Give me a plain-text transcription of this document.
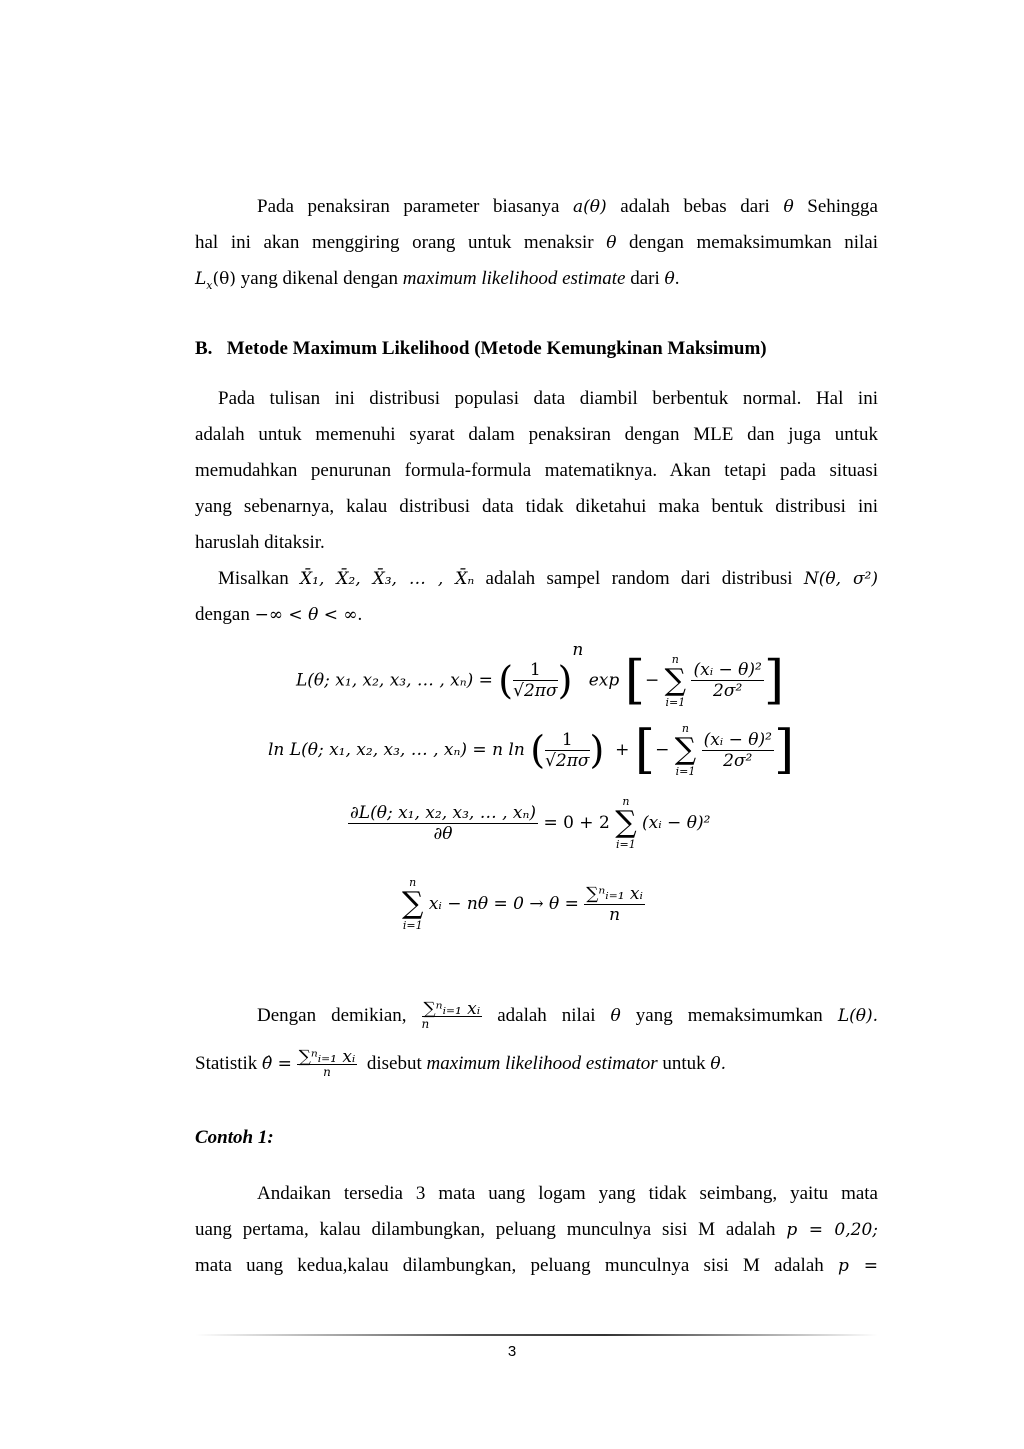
Pada penaksiran parameter biasanya a(θ) adalah bebas dari θ Sehingga
hal ini akan menggiring orang untuk menaksir θ dengan memaksimumkan nilai
$L_x(\theta)$ yang dikenal dengan maximum likelihood estimate dari θ.
B. Metode Maximum Likelihood (Metode Kemungkinan Maksimum)
Pada tulisan ini distribusi populasi data diambil berbentuk normal. Hal ini
adalah untuk memenuhi syarat dalam penaksiran dengan MLE dan juga untuk
memudahkan penurunan formula-formula matematiknya. Akan tetapi pada situasi
yang sebenarnya, kalau distribusi data tidak diketahui maka bentuk distribusi ini
haruslah ditaksir.
Misalkan X̄₁, X̄₂, X̄₃, … , X̄ₙ adalah sampel random dari distribusi N(θ, σ²)
dengan −∞ < θ < ∞.
L(θ; x₁, x₂, x₃, … , xₙ) = ( $\frac{1}{√2\pi\sigma} )^n$ exp [−
n
∑
i=1

$\frac{\text{(xᵢ − θ)²}}{\text{2σ²}}$ ]
ln L(θ; x₁, x₂, x₃, … , xₙ) = n ln ( $\frac{1}{√2\pi\sigma}$ ) + [−
n
∑
i=1

$\frac{\text{(xᵢ − θ)²}}{\text{2σ²}}$ ]
$\frac{\text{∂L(θ; x₁, x₂, x₃, … , xₙ)}}{\partial\theta} = 0 + 2$
n
∑
i=1
(xᵢ − θ)²
n
∑
i=1
xᵢ − $n\theta = 0 \to \theta = \frac{\text{∑ⁿᵢ₌₁ xᵢ}}{n}$
Dengan demikian, $\frac{\text{∑ⁿᵢ₌₁ xᵢ}}{n}$ adalah nilai θ yang memaksimumkan L(θ).
Statistik θ̂ = $\frac{\text{∑ⁿᵢ₌₁ xᵢ}}{n}$ disebut maximum likelihood estimator untuk θ.
Contoh 1:
Andaikan tersedia 3 mata uang logam yang tidak seimbang, yaitu mata
uang pertama, kalau dilambungkan, peluang munculnya sisi M adalah p = 0,20;
mata uang kedua,kalau dilambungkan, peluang munculnya sisi M adalah p =
3
